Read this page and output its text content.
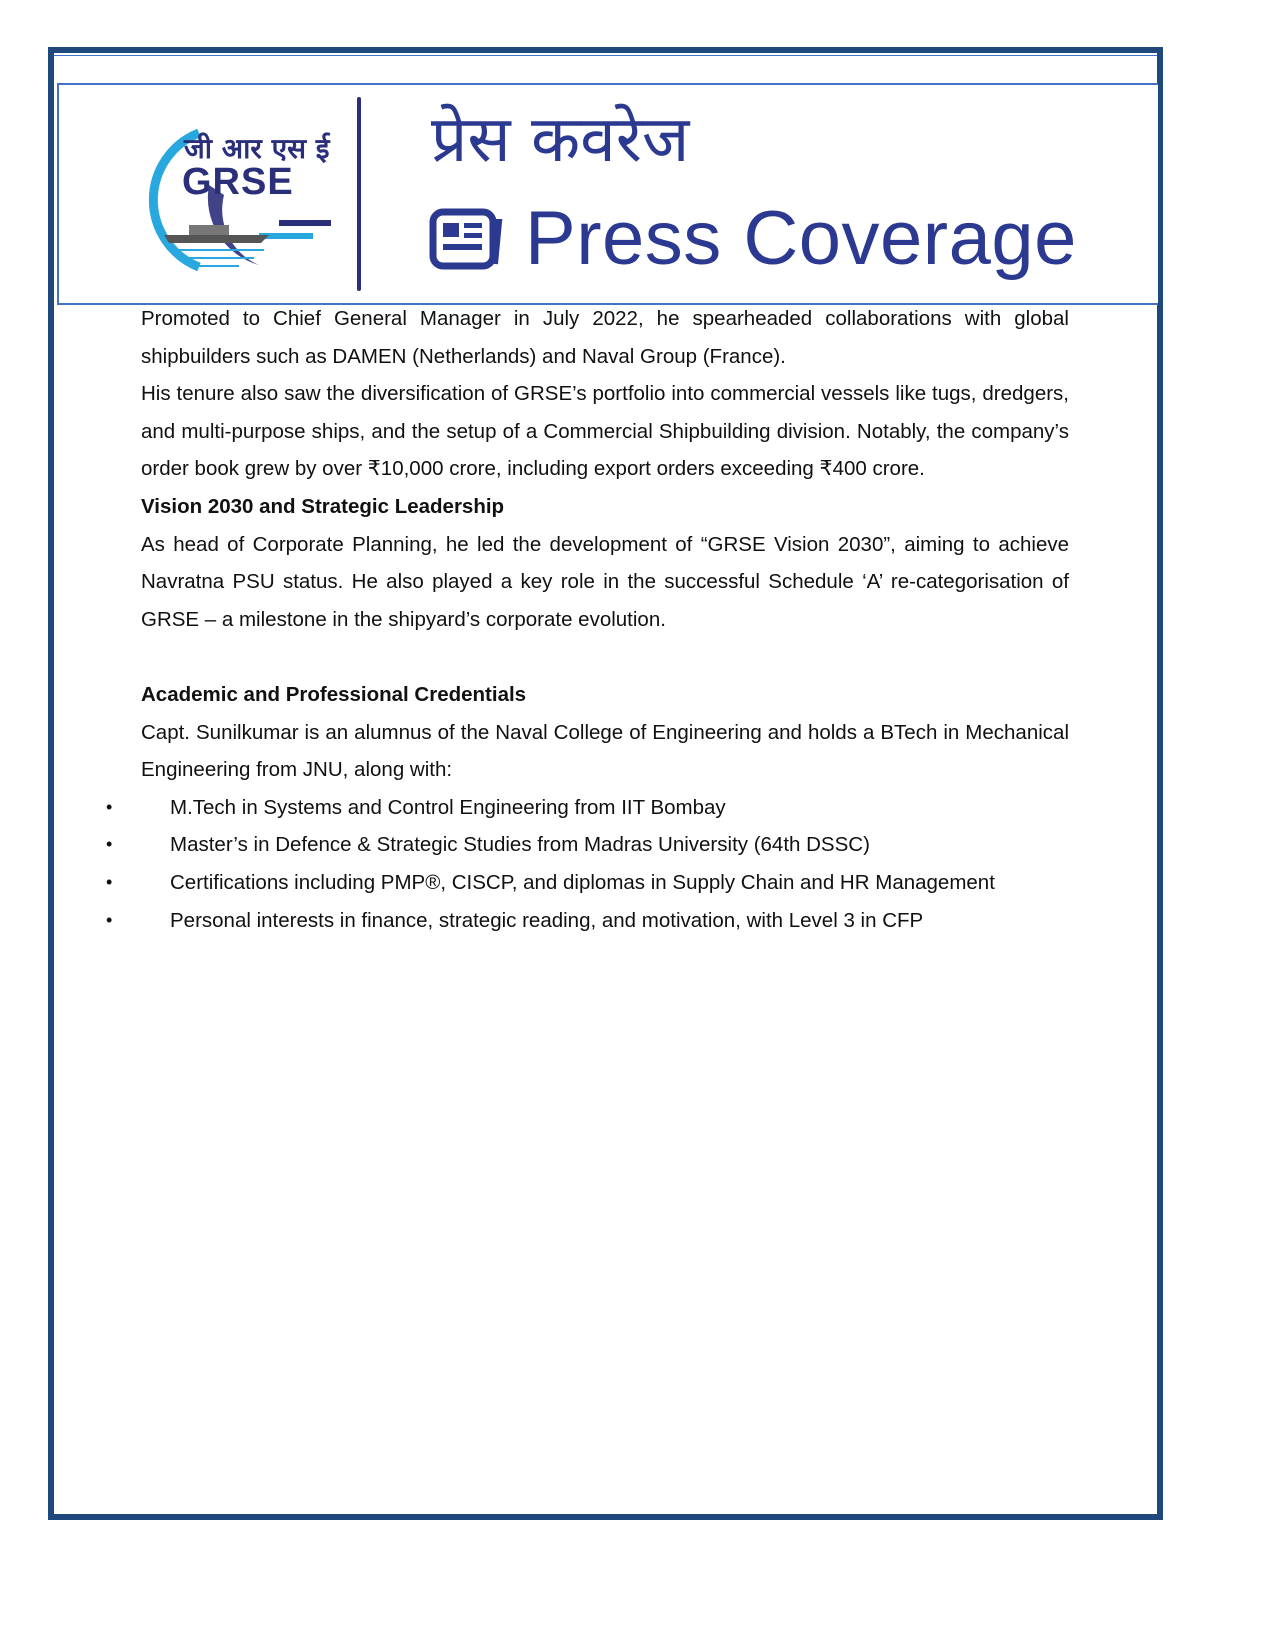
जी आर एस ई
GRSE
प्रेस कवरेज
Press Coverage

Promoted to Chief General Manager in July 2022, he spearheaded collaborations with global shipbuilders such as DAMEN (Netherlands) and Naval Group (France).

His tenure also saw the diversification of GRSE’s portfolio into commercial vessels like tugs, dredgers, and multi-purpose ships, and the setup of a Commercial Shipbuilding division. Notably, the company’s order book grew by over ₹10,000 crore, including export orders exceeding ₹400 crore.

Vision 2030 and Strategic Leadership

As head of Corporate Planning, he led the development of “GRSE Vision 2030”, aiming to achieve Navratna PSU status. He also played a key role in the successful Schedule ‘A’ re-categorisation of GRSE – a milestone in the shipyard’s corporate evolution.

Academic and Professional Credentials

Capt. Sunilkumar is an alumnus of the Naval College of Engineering and holds a BTech in Mechanical Engineering from JNU, along with:

•	M.Tech in Systems and Control Engineering from IIT Bombay
•	Master’s in Defence & Strategic Studies from Madras University (64th DSSC)
•	Certifications including PMP®, CISCP, and diplomas in Supply Chain and HR Management
•	Personal interests in finance, strategic reading, and motivation, with Level 3 in CFP
